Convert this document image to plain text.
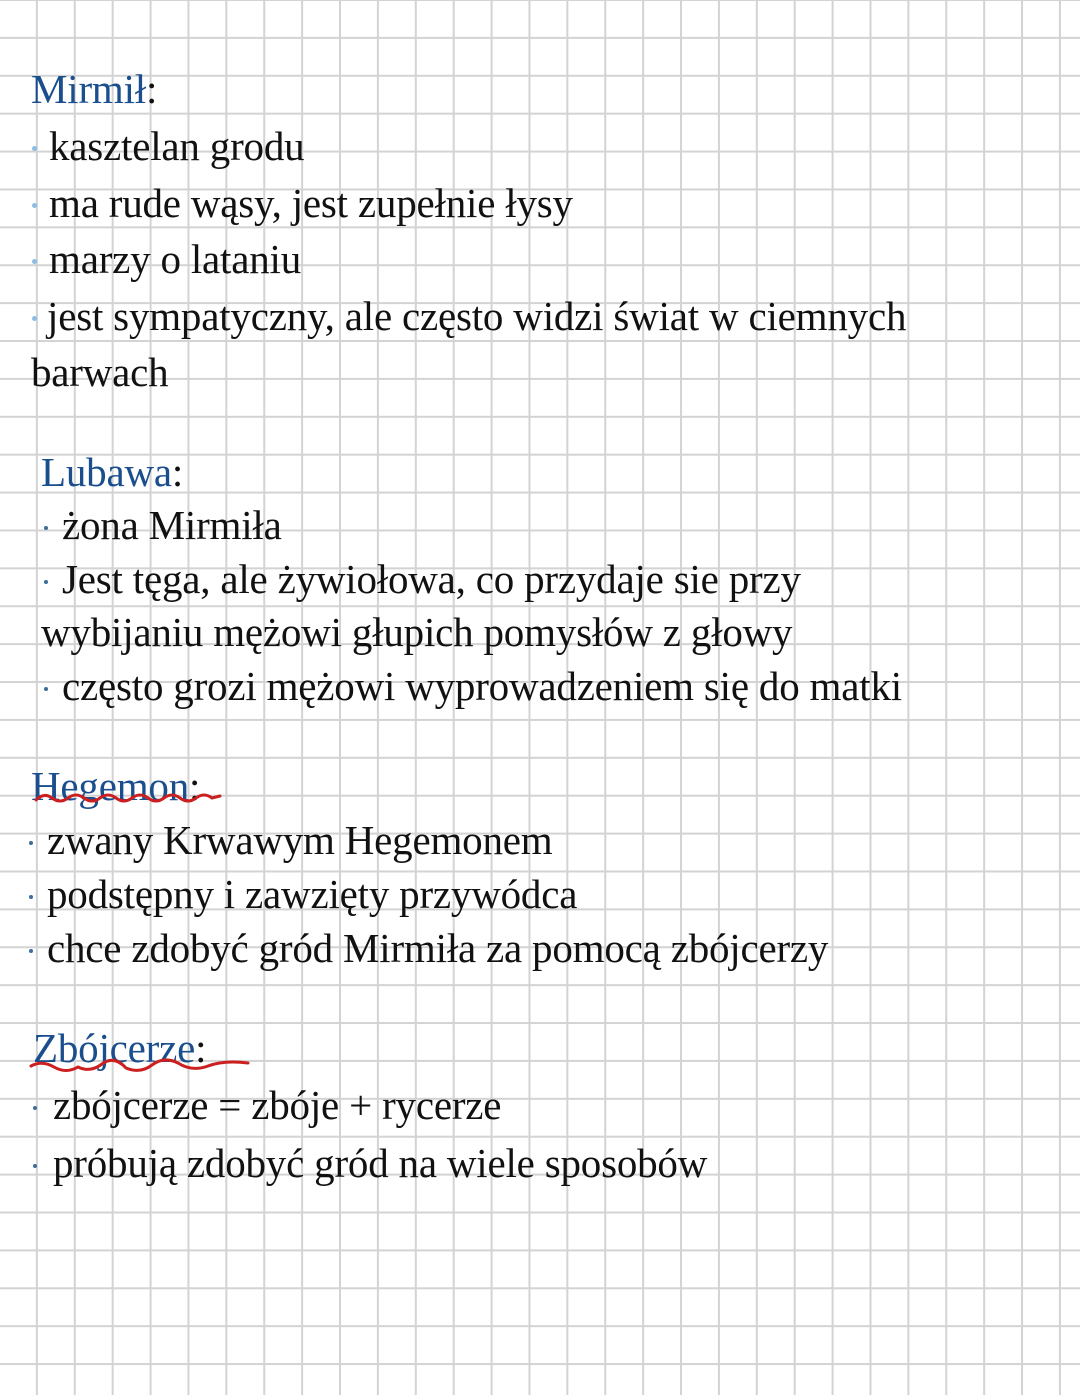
Mirmił:
kasztelan grodu
ma rude wąsy, jest zupełnie łysy
marzy o lataniu
jest sympatyczny, ale często widzi świat w ciemnych
barwach
Lubawa:
żona Mirmiła
Jest tęga, ale żywiołowa, co przydaje sie przy
wybijaniu mężowi głupich pomysłów z głowy
często grozi mężowi wyprowadzeniem się do matki
Hegemon:
zwany Krwawym Hegemonem
podstępny i zawzięty przywódca
chce zdobyć gród Mirmiła za pomocą zbójcerzy
Zbójcerze:
zbójcerze = zbóje + rycerze
próbują zdobyć gród na wiele sposobów
